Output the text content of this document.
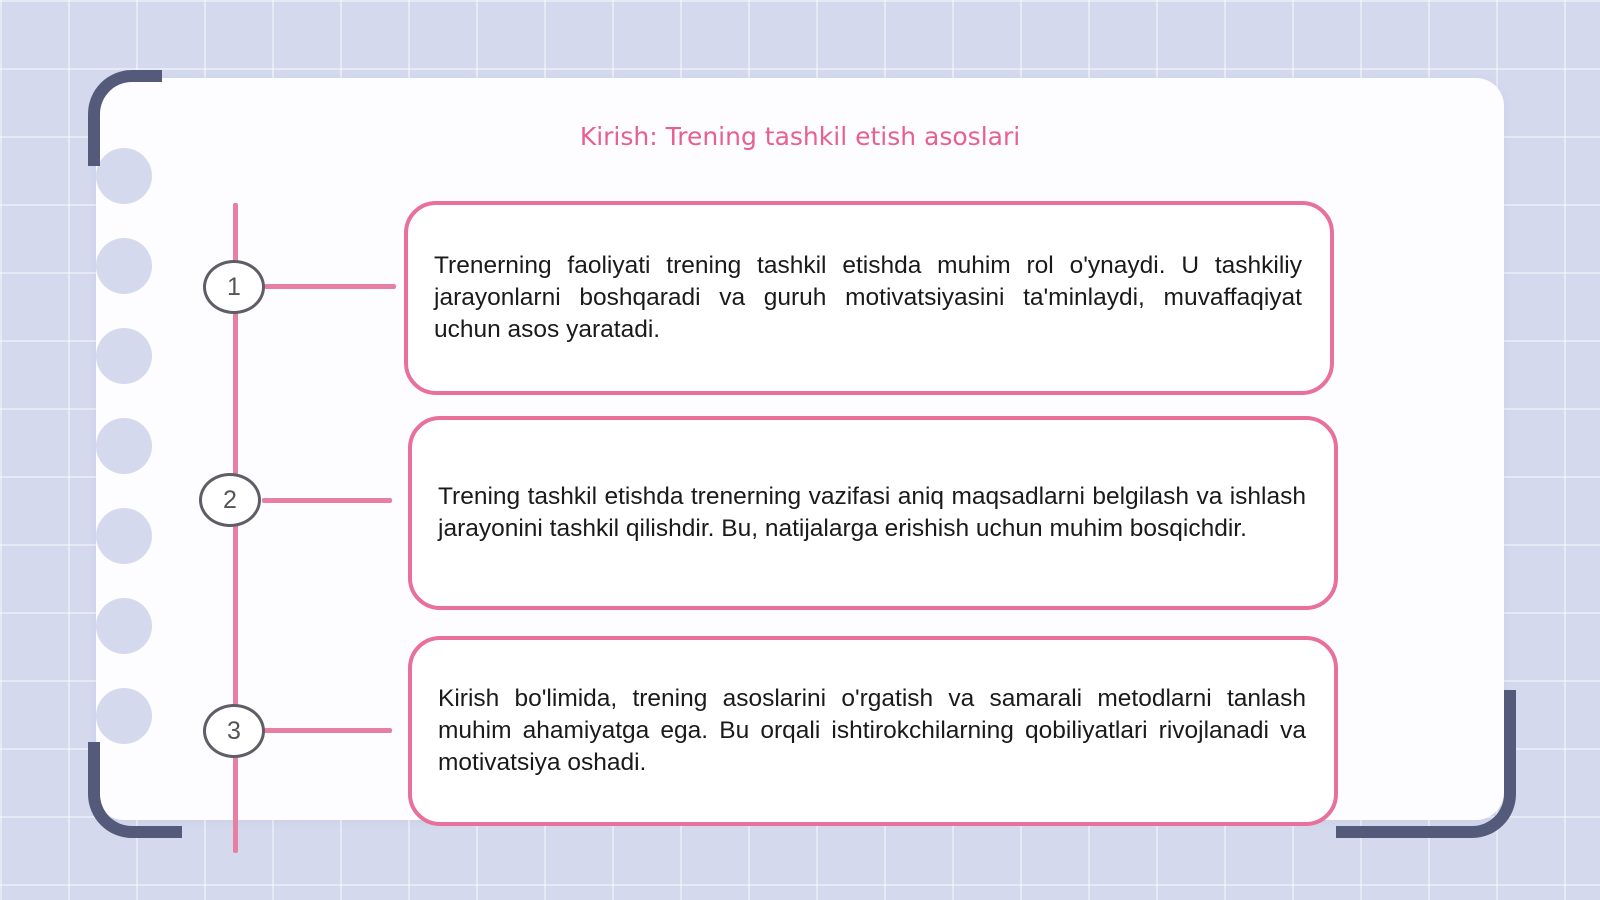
Kirish: Trening tashkil etish asoslari
1
2
3

Trenerning faoliyati trening tashkil etishda muhim rol o'ynaydi. U tashkiliy jarayonlarni boshqaradi va guruh motivatsiyasini ta'minlaydi, muvaffaqiyat uchun asos yaratadi.

Trening tashkil etishda trenerning vazifasi aniq maqsadlarni belgilash va ishlash jarayonini tashkil qilishdir. Bu, natijalarga erishish uchun muhim bosqichdir.

Kirish bo'limida, trening asoslarini o'rgatish va samarali metodlarni tanlash muhim ahamiyatga ega. Bu orqali ishtirokchilarning qobiliyatlari rivojlanadi va motivatsiya oshadi.
